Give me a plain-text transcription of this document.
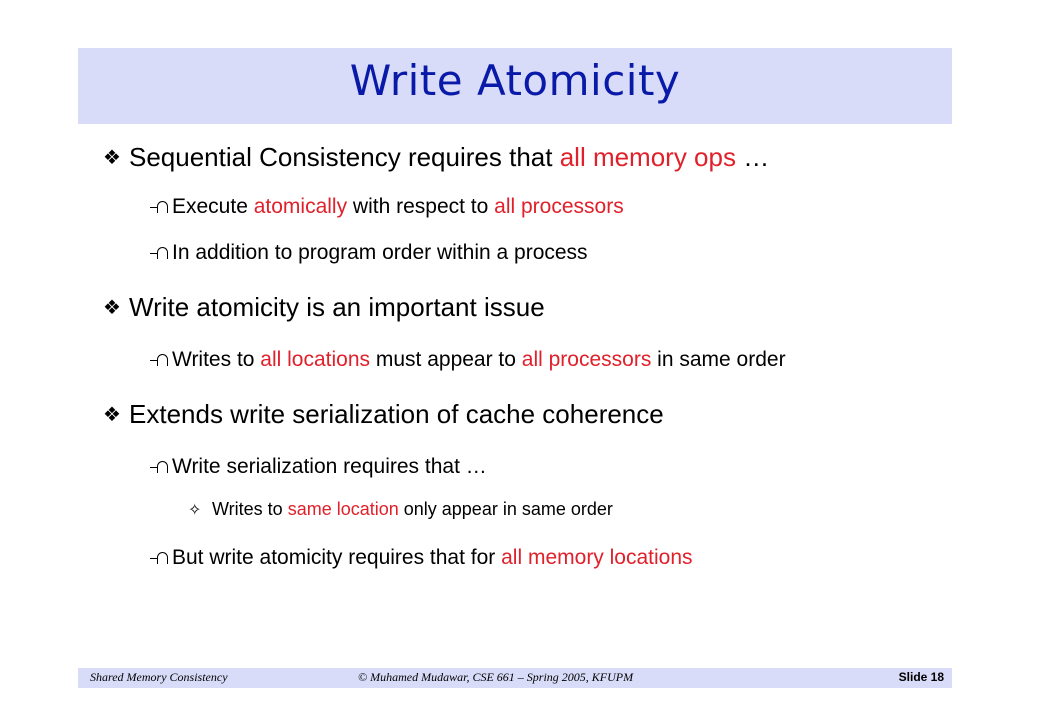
Write Atomicity
❖ Sequential Consistency requires that all memory ops …
Execute atomically with respect to all processors
In addition to program order within a process
❖ Write atomicity is an important issue
Writes to all locations must appear to all processors in same order
❖ Extends write serialization of cache coherence
Write serialization requires that …
✧ Writes to same location only appear in same order
But write atomicity requires that for all memory locations
Shared Memory Consistency	© Muhamed Mudawar, CSE 661 – Spring 2005, KFUPM	Slide 18
